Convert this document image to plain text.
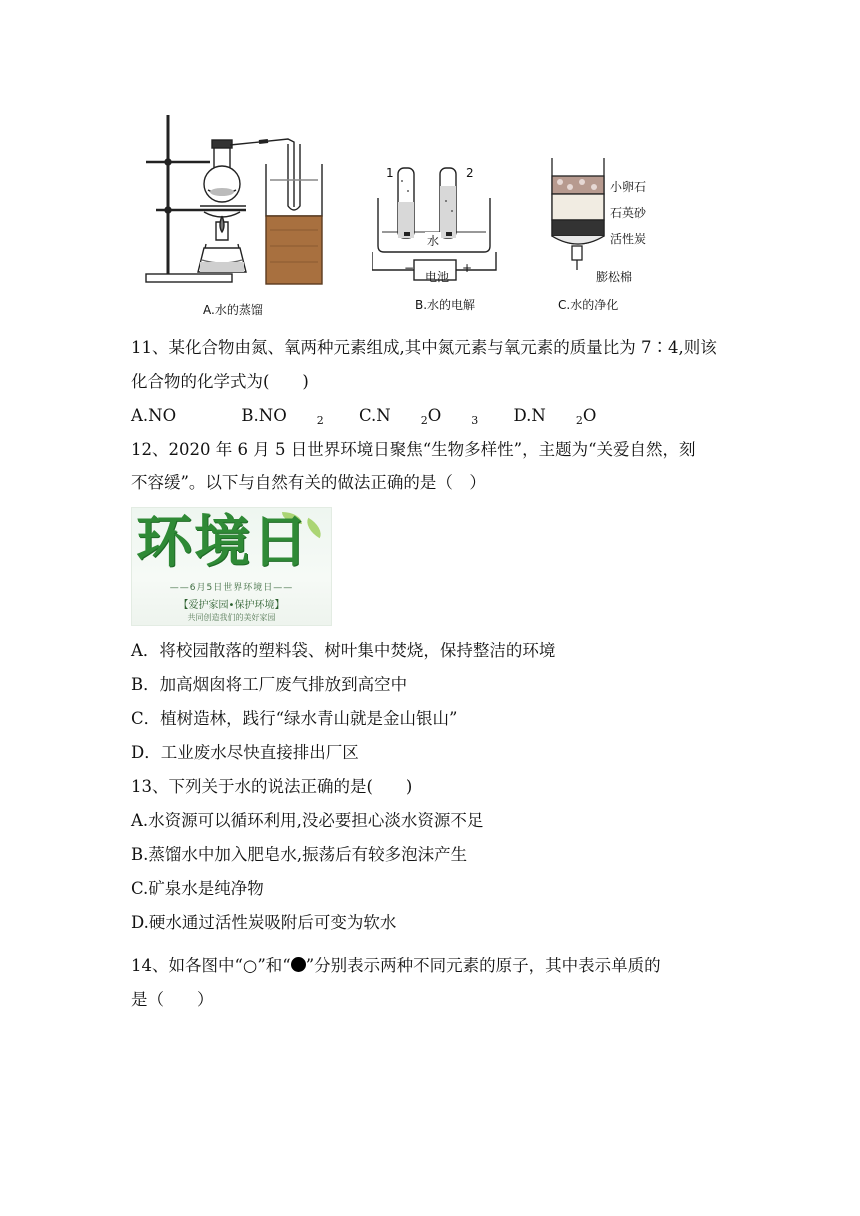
1	2
水
−
电池
+
小卵石
石英砂
活性炭
膨松棉
A.水的蒸馏	B.水的电解	C.水的净化
11、某化合物由氮、氧两种元素组成,其中氮元素与氧元素的质量比为 7∶4,则该
化合物的化学式为(　　)
A.NO	B.NO	$_2$ C.N	$_2$O	$_3$ D.N	$_2$O
12、2020 年 6 月 5 日世界环境日聚焦“生物多样性”，主题为“关爱自然，刻
不容缓”。以下与自然有关的做法正确的是（　）
环境日
——6月5日世界环境日——
【爱护家园•保护环境】
共同创造我们的美好家园
A．将校园散落的塑料袋、树叶集中焚烧，保持整洁的环境
B．加高烟囱将工厂废气排放到高空中
C．植树造林，践行“绿水青山就是金山银山”
D．工业废水尽快直接排出厂区
13、下列关于水的说法正确的是(　　)
A.水资源可以循环利用,没必要担心淡水资源不足
B.蒸馏水中加入肥皂水,振荡后有较多泡沫产生
C.矿泉水是纯净物
D.硬水通过活性炭吸附后可变为软水
14、如各图中“○”和“ ”分别表示两种不同元素的原子，其中表示单质的
是（　　）
